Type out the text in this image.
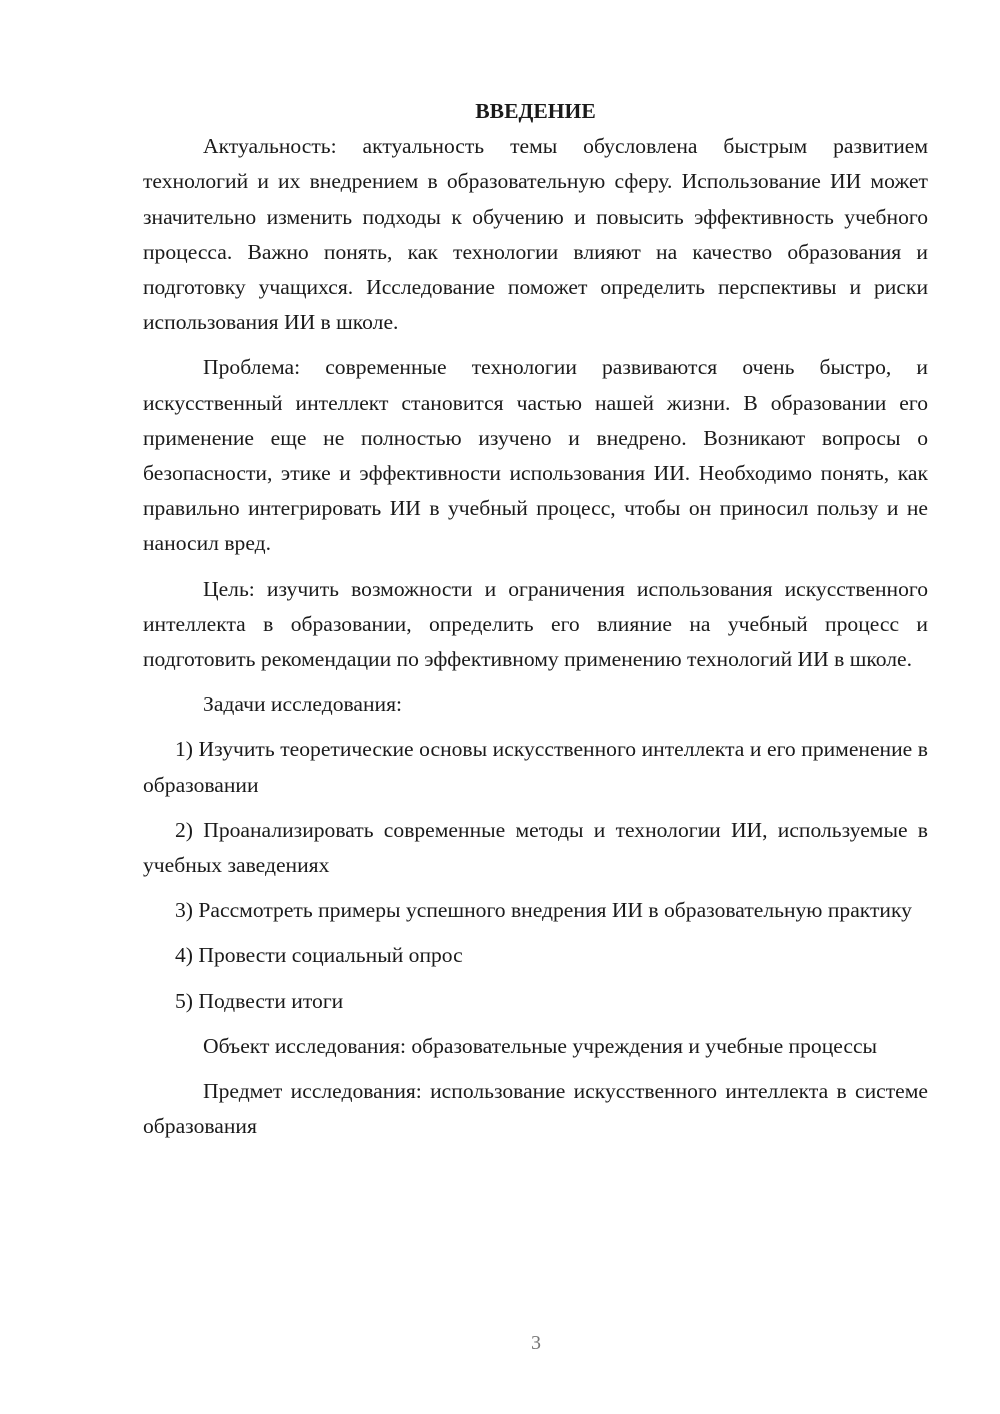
ВВЕДЕНИЕ

Актуальность: актуальность темы обусловлена быстрым развитием технологий и их внедрением в образовательную сферу. Использование ИИ может значительно изменить подходы к обучению и повысить эффективность учебного процесса. Важно понять, как технологии влияют на качество образования и подготовку учащихся. Исследование поможет определить перспективы и риски использования ИИ в школе.

Проблема: современные технологии развиваются очень быстро, и искусственный интеллект становится частью нашей жизни. В образовании его применение еще не полностью изучено и внедрено. Возникают вопросы о безопасности, этике и эффективности использования ИИ. Необходимо понять, как правильно интегрировать ИИ в учебный процесс, чтобы он приносил пользу и не наносил вред.

Цель: изучить возможности и ограничения использования искусственного интеллекта в образовании, определить его влияние на учебный процесс и подготовить рекомендации по эффективному применению технологий ИИ в школе.

Задачи исследования:

1) Изучить теоретические основы искусственного интеллекта и его применение в образовании

2) Проанализировать современные методы и технологии ИИ, используемые в учебных заведениях

3) Рассмотреть примеры успешного внедрения ИИ в образовательную практику

4) Провести социальный опрос

5) Подвести итоги

Объект исследования: образовательные учреждения и учебные процессы

Предмет исследования: использование искусственного интеллекта в системе образования

3
